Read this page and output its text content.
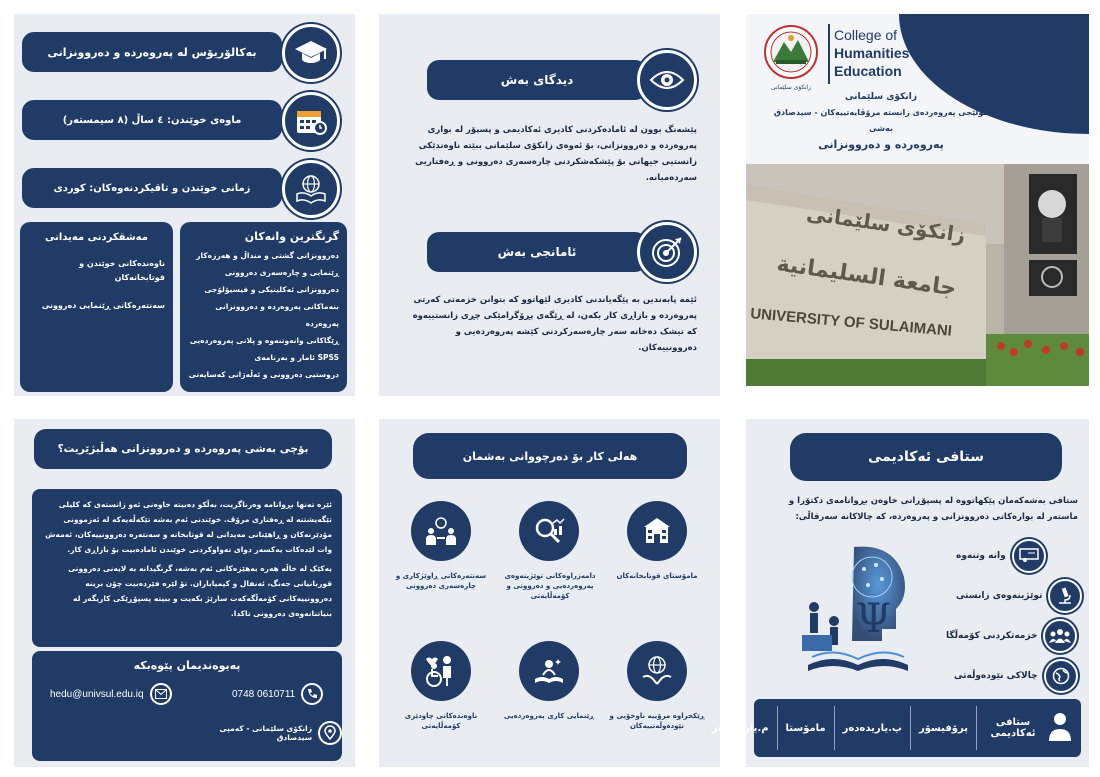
بەکالۆریۆس لە پەروەردە و دەروونزانی
ماوەی خوێندن: ٤ ساڵ (٨ سیمستەر)
زمانی خوێندن و تاقیکردنەوەکان: کوردی
مەشقکردنی مەیدانی
ناوەندەکانی خوێندن و قوتابخانەکان
سەنتەرەکانی ڕێنمایی دەروونی
گرنگترین وانەکان
دەروونزانی گشتی و منداڵ و هەرزەکار
ڕێنمایی و چارەسەری دەروونی
دەروونزانی ئەکلینیکی و فیسیۆلۆجی
بنەماکانی پەروەردە و دەروونزانی پەروەردە
ڕێگاکانی وانەوتنەوە و پلانی پەروەردەیی
SPSS ئامار و بەرنامەی
دروستیی دەروونی و ئەڵەژانی کەسایەتی
دیدگای بەش
پێشەنگ بوون لە ئامادەکردنی کادیری ئەکادیمی و پسپۆر لە بواری پەروەردە و دەروونزانی، بۆ ئەوەی زانکۆی سلێمانی ببێتە ناوەندێکی زانستیی جیهانی بۆ پێشکەشکردنی چارەسەری دەروونی و ڕەفتاریی سەردەمیانە.
ئامانجی بەش
ئێمە پابەندین بە پێگەیاندنی کادیری لێهاتوو کە بتوانن خزمەتی کەرتی پەروەردە و بازاڕی کار بکەن، لە ڕێگەی پڕۆگرامێکی چڕی زانستییەوە کە تیشک دەخاتە سەر چارەسەرکردنی کێشە پەروەردەیی و دەروونییەکان.
زانكۆی سلێمانی
College of
Humanities
Education
زانکۆی سلێمانی
کۆلێجی پەروەردەی زانستە مرۆڤایەتییەکان - سیدصادق
بەشی
پەروەردە و دەروونزانی
جامعة السليمانية
زانکۆی سلێمانی
UNIVERSITY OF SULAIMANI
بۆچی بەشی پەروەردە و دەروونزانی هەڵبژێریت؟
ئێرە تەنها بڕوانامە وەرناگریت، بەڵکو دەبیتە خاوەنی ئەو زانستەی کە کلیلی تێگەیشتنە لە ڕەفتاری مرۆڤ. خوێندنی ئەم بەشە تێکەڵەیەکە لە ئەزموونی مۆدێرنەکان و ڕاهێنانی مەیدانی لە قوتابخانە و سەنتەرە دەروونییەکان، ئەمەش وات لێدەکات یەکسەر دوای تەواوکردنی خوێندن ئامادەبیت بۆ بازاڕی کار.
یەکێک لە خاڵە هەرە بەهێزەکانی ئەم بەشە، گرنگیدانە بە لایەنی دەروونی قوربانیانی جەنگ، ئەنفال و کیمیاباران. تۆ لێرە فێردەبیت چۆن برینە دەروونییەکانی کۆمەڵگەکەت سارێژ بکەیت و ببیتە پسپۆڕێکی کاریگەر لە بنیاتنانەوەی دەروونی تاکدا.
پەیوەندیمان پێوەبکە
0748 0610711
hedu@univsul.edu.iq
زانکۆی سلێمانی - کەمپی سیدصادق
هەلی کار بۆ دەرچووانی بەشمان
مامۆستای قوتابخانەکان
دامەزراوەکانی توێژینەوەی پەروەردەیی و دەروونی و کۆمەڵایەتی
سەنتەرەکانی ڕاوێژکاری و چارەسەری دەروونی
ڕێکخراوە مرۆییە ناوخۆیی و نێودەوڵەتییەکان
ڕێنمایی کاری پەروەردەیی
ناوەندەکانی چاودێری کۆمەڵایەتی
ستافی ئەکادیمی
ستافی بەشەکەمان پێکهاتووە لە پسپۆڕانی خاوەن بڕوانامەی دکتۆرا و ماستەر لە بوارەکانی دەروونزانی و پەروەردە، کە چالاکانە سەرقاڵی:
Ψ
وانە وتنەوە
توێژینەوەی زانستی
خزمەتکردنی کۆمەڵگا
چالاکی نێودەوڵەتی
ستافی ئەکادیمی
پرۆفیسۆر
پ.یاریدەدەر
مامۆستا
م.یاریدەدەر
